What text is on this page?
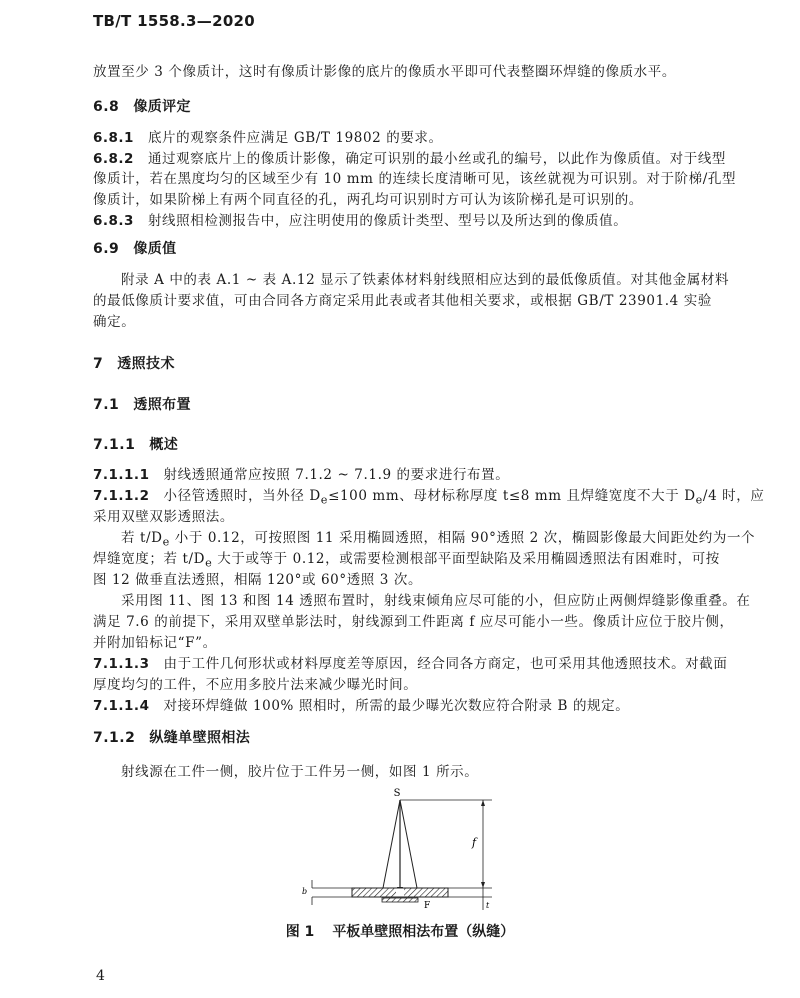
TB/T 1558.3—2020
放置至少 3 个像质计，这时有像质计影像的底片的像质水平即可代表整圈环焊缝的像质水平。
6.8 像质评定
6.8.1 底片的观察条件应满足 GB/T 19802 的要求。
6.8.2 通过观察底片上的像质计影像，确定可识别的最小丝或孔的编号，以此作为像质值。对于线型
像质计，若在黑度均匀的区域至少有 10 mm 的连续长度清晰可见，该丝就视为可识别。对于阶梯/孔型
像质计，如果阶梯上有两个同直径的孔，两孔均可识别时方可认为该阶梯孔是可识别的。
6.8.3 射线照相检测报告中，应注明使用的像质计类型、型号以及所达到的像质值。
6.9 像质值
附录 A 中的表 A.1 ~ 表 A.12 显示了铁素体材料射线照相应达到的最低像质值。对其他金属材料
的最低像质计要求值，可由合同各方商定采用此表或者其他相关要求，或根据 GB/T 23901.4 实验
确定。
7 透照技术
7.1 透照布置
7.1.1 概述
7.1.1.1 射线透照通常应按照 7.1.2 ~ 7.1.9 的要求进行布置。
7.1.1.2 小径管透照时，当外径 $D_e\le 100$ mm、母材标称厚度 t≤8 mm 且焊缝宽度不大于 $D_e/4$ 时，应
采用双壁双影透照法。
若 $t/D_e$ 小于 0.12，可按照图 11 采用椭圆透照，相隔 90°透照 2 次，椭圆影像最大间距处约为一个
焊缝宽度；若 $t/D_e$ 大于或等于 0.12，或需要检测根部平面型缺陷及采用椭圆透照法有困难时，可按
图 12 做垂直法透照，相隔 120°或 60°透照 3 次。
采用图 11、图 13 和图 14 透照布置时，射线束倾角应尽可能的小，但应防止两侧焊缝影像重叠。在
满足 7.6 的前提下，采用双壁单影法时，射线源到工件距离 f 应尽可能小一些。像质计应位于胶片侧，
并附加铅标记“F”。
7.1.1.3 由于工件几何形状或材料厚度差等原因，经合同各方商定，也可采用其他透照技术。对截面
厚度均匀的工件，不应用多胶片法来减少曝光时间。
7.1.1.4 对接环焊缝做 100% 照相时，所需的最少曝光次数应符合附录 B 的规定。
7.1.2 纵缝单壁照相法
射线源在工件一侧，胶片位于工件另一侧，如图 1 所示。
S
f
F
b
t
图 1 平板单壁照相法布置（纵缝）
4
